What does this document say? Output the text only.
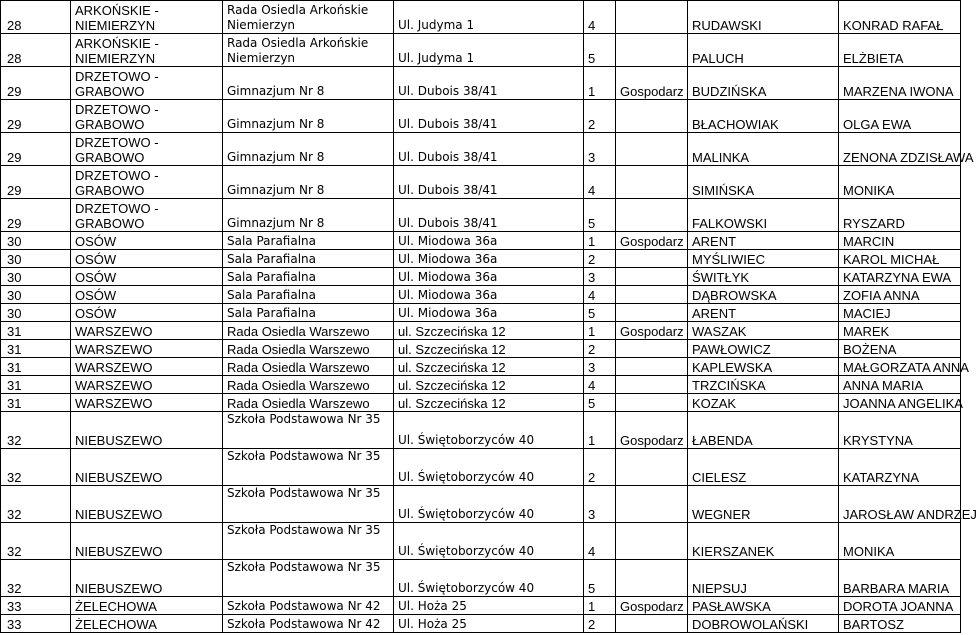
28	ARKOŃSKIE - NIEMIERZYN	Rada Osiedla Arkońskie Niemierzyn	Ul. Judyma 1	4		RUDAWSKI	KONRAD RAFAŁ
28	ARKOŃSKIE - NIEMIERZYN	Rada Osiedla Arkońskie Niemierzyn	Ul. Judyma 1	5		PALUCH	ELŻBIETA
29	DRZETOWO - GRABOWO	Gimnazjum Nr 8	Ul. Dubois 38/41	1	Gospodarz	BUDZIŃSKA	MARZENA IWONA
29	DRZETOWO - GRABOWO	Gimnazjum Nr 8	Ul. Dubois 38/41	2		BŁACHOWIAK	OLGA EWA
29	DRZETOWO - GRABOWO	Gimnazjum Nr 8	Ul. Dubois 38/41	3		MALINKA	ZENONA ZDZISŁAWA
29	DRZETOWO - GRABOWO	Gimnazjum Nr 8	Ul. Dubois 38/41	4		SIMIŃSKA	MONIKA
29	DRZETOWO - GRABOWO	Gimnazjum Nr 8	Ul. Dubois 38/41	5		FALKOWSKI	RYSZARD
30	OSÓW	Sala Parafialna	Ul. Miodowa 36a	1	Gospodarz	ARENT	MARCIN
30	OSÓW	Sala Parafialna	Ul. Miodowa 36a	2		MYŚLIWIEC	KAROL MICHAŁ
30	OSÓW	Sala Parafialna	Ul. Miodowa 36a	3		ŚWITŁYK	KATARZYNA EWA
30	OSÓW	Sala Parafialna	Ul. Miodowa 36a	4		DĄBROWSKA	ZOFIA ANNA
30	OSÓW	Sala Parafialna	Ul. Miodowa 36a	5		ARENT	MACIEJ
31	WARSZEWO	Rada Osiedla Warszewo	ul. Szczecińska 12	1	Gospodarz	WASZAK	MAREK
31	WARSZEWO	Rada Osiedla Warszewo	ul. Szczecińska 12	2		PAWŁOWICZ	BOŻENA
31	WARSZEWO	Rada Osiedla Warszewo	ul. Szczecińska 12	3		KAPLEWSKA	MAŁGORZATA ANNA
31	WARSZEWO	Rada Osiedla Warszewo	ul. Szczecińska 12	4		TRZCIŃSKA	ANNA MARIA
31	WARSZEWO	Rada Osiedla Warszewo	ul. Szczecińska 12	5		KOZAK	JOANNA ANGELIKA
32	NIEBUSZEWO	Szkoła Podstawowa Nr 35	Ul. Świętoborzyców 40	1	Gospodarz	ŁABENDA	KRYSTYNA
32	NIEBUSZEWO	Szkoła Podstawowa Nr 35	Ul. Świętoborzyców 40	2		CIELESZ	KATARZYNA
32	NIEBUSZEWO	Szkoła Podstawowa Nr 35	Ul. Świętoborzyców 40	3		WEGNER	JAROSŁAW ANDRZEJ
32	NIEBUSZEWO	Szkoła Podstawowa Nr 35	Ul. Świętoborzyców 40	4		KIERSZANEK	MONIKA
32	NIEBUSZEWO	Szkoła Podstawowa Nr 35	Ul. Świętoborzyców 40	5		NIEPSUJ	BARBARA MARIA
33	ŻELECHOWA	Szkoła Podstawowa Nr 42	Ul. Hoża 25	1	Gospodarz	PASŁAWSKA	DOROTA JOANNA
33	ŻELECHOWA	Szkoła Podstawowa Nr 42	Ul. Hoża 25	2		DOBROWOLAŃSKI	BARTOSZ
